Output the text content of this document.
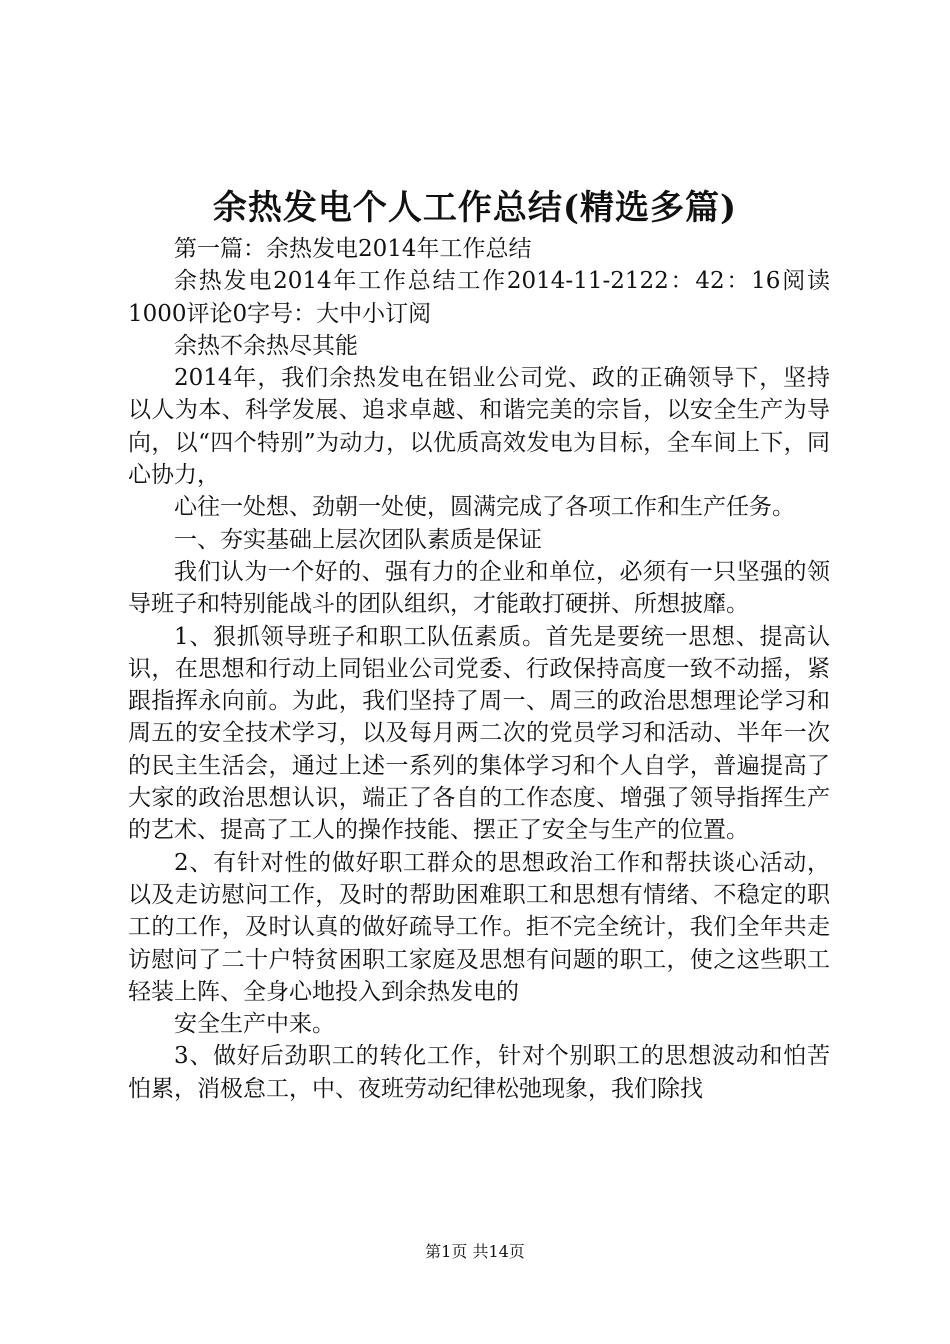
余热发电个人工作总结(精选多篇)

第一篇：余热发电2014年工作总结

余热发电2014年工作总结工作2014-11-2122：42：16阅读1000评论0字号：大中小订阅

余热不余热尽其能

2014年，我们余热发电在铝业公司党、政的正确领导下，坚持以人为本、科学发展、追求卓越、和谐完美的宗旨，以安全生产为导向，以“四个特别”为动力，以优质高效发电为目标，全车间上下，同心协力，

心往一处想、劲朝一处使，圆满完成了各项工作和生产任务。

一、夯实基础上层次团队素质是保证

我们认为一个好的、强有力的企业和单位，必须有一只坚强的领导班子和特别能战斗的团队组织，才能敢打硬拼、所想披靡。

1、狠抓领导班子和职工队伍素质。首先是要统一思想、提高认识，在思想和行动上同铝业公司党委、行政保持高度一致不动摇，紧跟指挥永向前。为此，我们坚持了周一、周三的政治思想理论学习和周五的安全技术学习，以及每月两二次的党员学习和活动、半年一次的民主生活会，通过上述一系列的集体学习和个人自学，普遍提高了大家的政治思想认识，端正了各自的工作态度、增强了领导指挥生产的艺术、提高了工人的操作技能、摆正了安全与生产的位置。

2、有针对性的做好职工群众的思想政治工作和帮扶谈心活动，以及走访慰问工作，及时的帮助困难职工和思想有情绪、不稳定的职工的工作，及时认真的做好疏导工作。拒不完全统计，我们全年共走访慰问了二十户特贫困职工家庭及思想有问题的职工，使之这些职工轻装上阵、全身心地投入到余热发电的

安全生产中来。

3、做好后劲职工的转化工作，针对个别职工的思想波动和怕苦怕累，消极怠工，中、夜班劳动纪律松弛现象，我们除找

第1页 共14页
